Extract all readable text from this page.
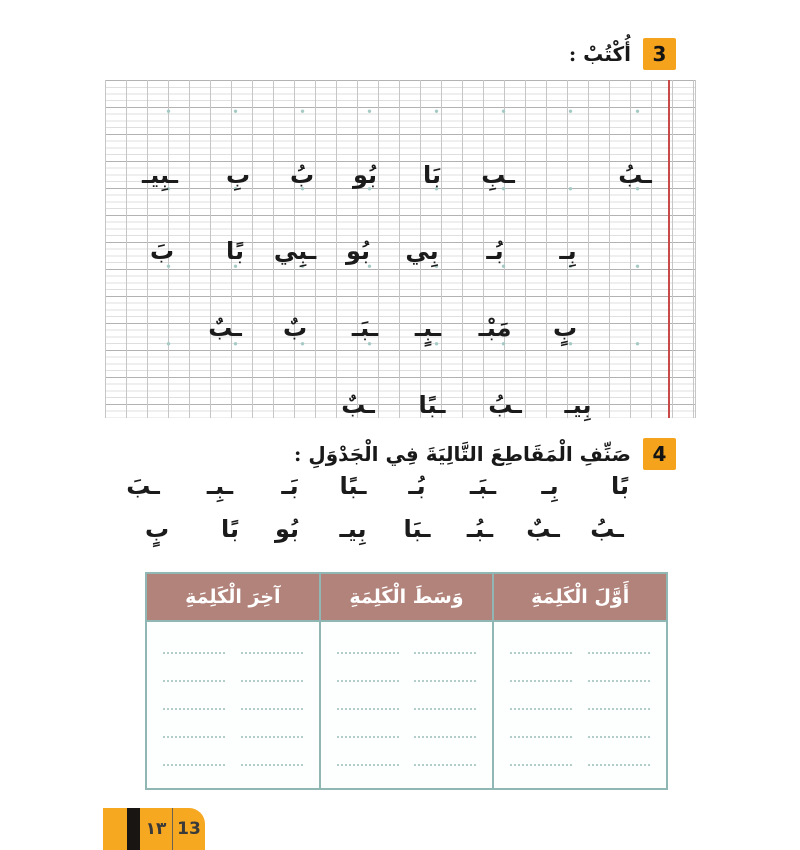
3
أُكْتُبْ :
ـبُ
ـبِ
بَا
بُو
بُ
بِ
ـبِيـ
بِـ
بُـ
بِي
بُو
ـبِي
بًا
بَ
بٍ
مَبْـ
ـبٍـ
ـبَـ
بٌ
ـبٌ
بِيـ
ـبُ
ـبًا
ـبٌ
4
صَنِّفِ الْمَقَاطِعَ التَّالِيَةَ فِي الْجَدْوَلِ :
بًا
بِـ
ـبَـ
بُـ
ـبًا
بَـ
ـبِـ
ـبَ
ـبُ
ـبٌ
ـبُـ
ـبَا
بِيـ
بُو
بًا
بٍ
أَوَّلَ الْكَلِمَةِ
وَسَطَ الْكَلِمَةِ
آخِرَ الْكَلِمَةِ
١٣ 13
